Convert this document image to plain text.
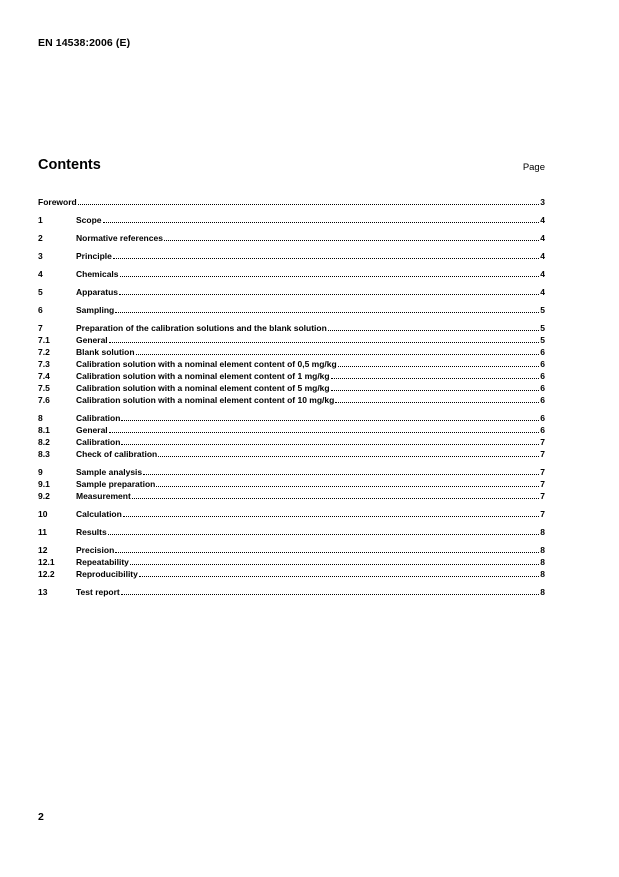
EN 14538:2006 (E)
Contents	Page
Foreword	3
1	Scope	4
2	Normative references	4
3	Principle	4
4	Chemicals	4
5	Apparatus	4
6	Sampling	5
7	Preparation of the calibration solutions and the blank solution	5
7.1	General	5
7.2	Blank solution	6
7.3	Calibration solution with a nominal element content of 0,5 mg/kg	6
7.4	Calibration solution with a nominal element content of 1 mg/kg	6
7.5	Calibration solution with a nominal element content of 5 mg/kg	6
7.6	Calibration solution with a nominal element content of 10 mg/kg	6
8	Calibration	6
8.1	General	6
8.2	Calibration	7
8.3	Check of calibration	7
9	Sample analysis	7
9.1	Sample preparation	7
9.2	Measurement	7
10	Calculation	7
11	Results	8
12	Precision	8
12.1	Repeatability	8
12.2	Reproducibility	8
13	Test report	8
2
